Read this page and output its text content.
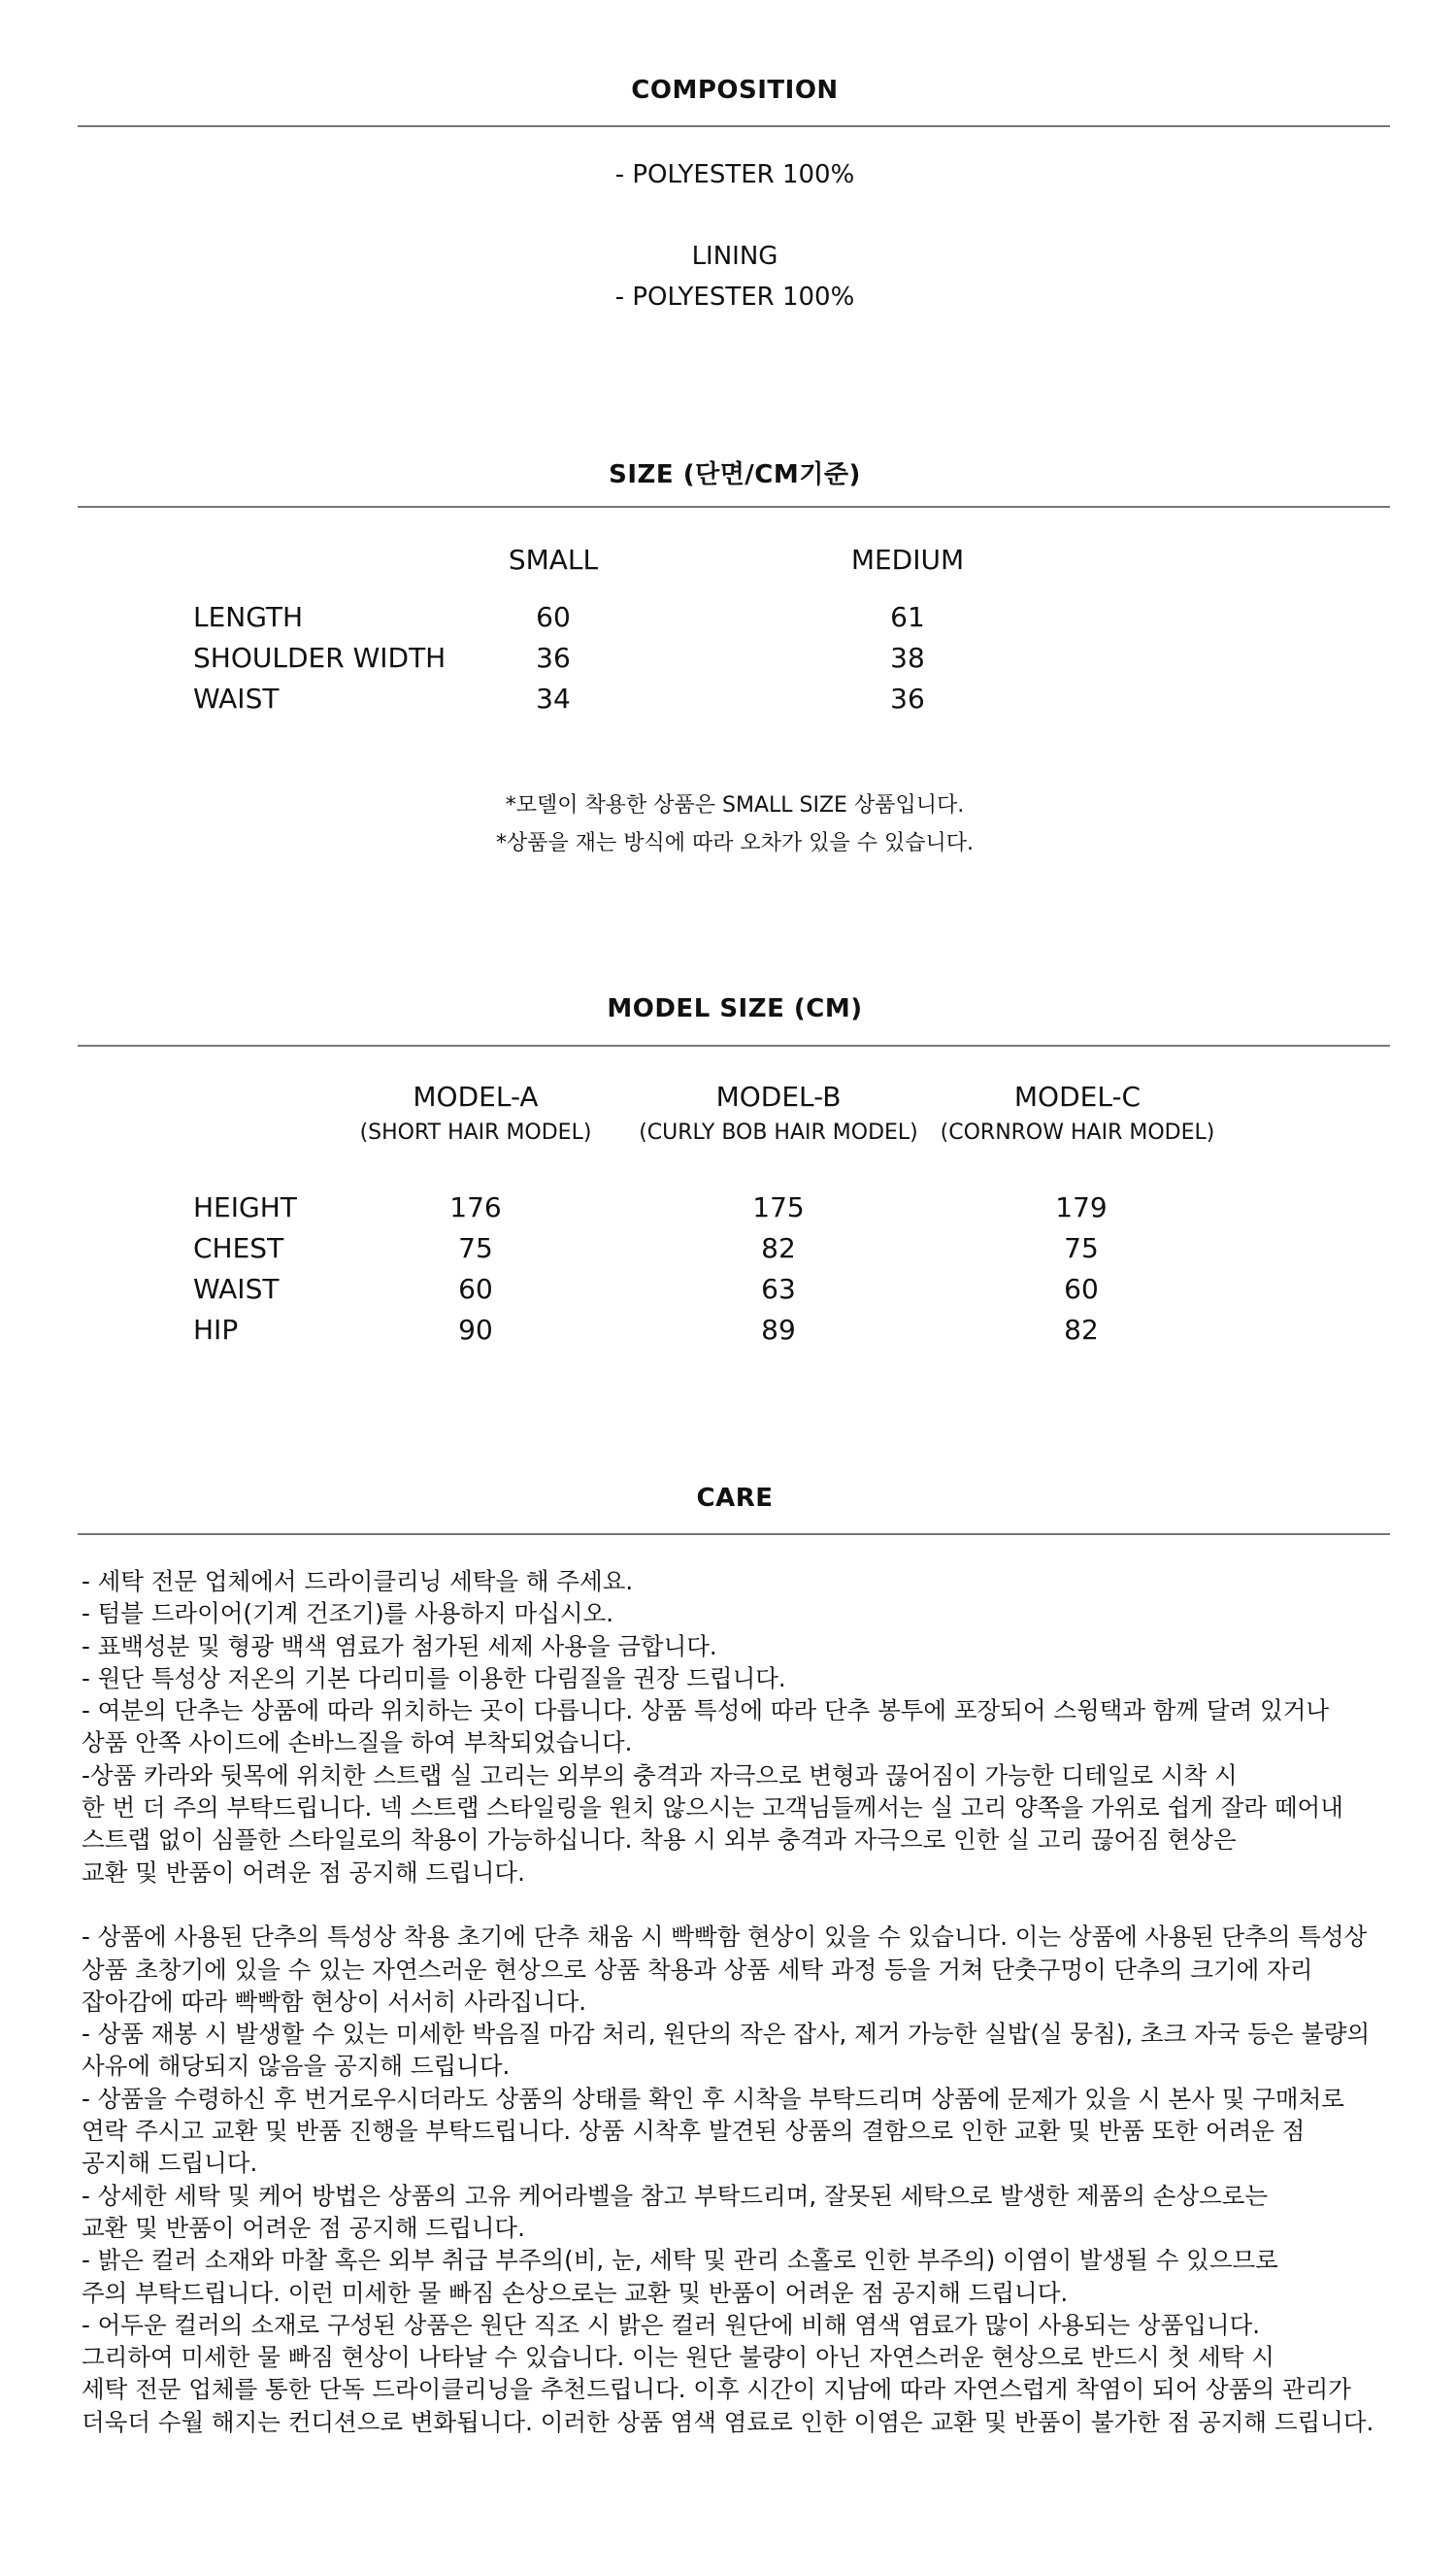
COMPOSITION
- POLYESTER 100%
LINING
- POLYESTER 100%
SIZE (단면/CM기준)
SMALL	MEDIUM
LENGTH	60	61
SHOULDER WIDTH	36	38
WAIST	34	36
*모델이 착용한 상품은 SMALL SIZE 상품입니다.
*상품을 재는 방식에 따라 오차가 있을 수 있습니다.
MODEL SIZE (CM)
MODEL-A
(SHORT HAIR MODEL)
MODEL-B
(CURLY BOB HAIR MODEL)
MODEL-C
(CORNROW HAIR MODEL)
HEIGHT	176	175	179
CHEST	75	82	75
WAIST	60	63	60
HIP	90	89	82
CARE
- 세탁 전문 업체에서 드라이클리닝 세탁을 해 주세요.
- 텀블 드라이어(기계 건조기)를 사용하지 마십시오.
- 표백성분 및 형광 백색 염료가 첨가된 세제 사용을 금합니다.
- 원단 특성상 저온의 기본 다리미를 이용한 다림질을 권장 드립니다.
- 여분의 단추는 상품에 따라 위치하는 곳이 다릅니다. 상품 특성에 따라 단추 봉투에 포장되어 스윙택과 함께 달려 있거나
상품 안쪽 사이드에 손바느질을 하여 부착되었습니다.
-상품 카라와 뒷목에 위치한 스트랩 실 고리는 외부의 충격과 자극으로 변형과 끊어짐이 가능한 디테일로 시착 시
한 번 더 주의 부탁드립니다. 넥 스트랩 스타일링을 원치 않으시는 고객님들께서는 실 고리 양쪽을 가위로 쉽게 잘라 떼어내
스트랩 없이 심플한 스타일로의 착용이 가능하십니다. 착용 시 외부 충격과 자극으로 인한 실 고리 끊어짐 현상은
교환 및 반품이 어려운 점 공지해 드립니다.
- 상품에 사용된 단추의 특성상 착용 초기에 단추 채움 시 빡빡함 현상이 있을 수 있습니다. 이는 상품에 사용된 단추의 특성상
상품 초창기에 있을 수 있는 자연스러운 현상으로 상품 착용과 상품 세탁 과정 등을 거쳐 단춧구멍이 단추의 크기에 자리
잡아감에 따라 빡빡함 현상이 서서히 사라집니다.
- 상품 재봉 시 발생할 수 있는 미세한 박음질 마감 처리, 원단의 작은 잡사, 제거 가능한 실밥(실 뭉침), 초크 자국 등은 불량의
사유에 해당되지 않음을 공지해 드립니다.
- 상품을 수령하신 후 번거로우시더라도 상품의 상태를 확인 후 시착을 부탁드리며 상품에 문제가 있을 시 본사 및 구매처로
연락 주시고 교환 및 반품 진행을 부탁드립니다. 상품 시착후 발견된 상품의 결함으로 인한 교환 및 반품 또한 어려운 점
공지해 드립니다.
- 상세한 세탁 및 케어 방법은 상품의 고유 케어라벨을 참고 부탁드리며, 잘못된 세탁으로 발생한 제품의 손상으로는
교환 및 반품이 어려운 점 공지해 드립니다.
- 밝은 컬러 소재와 마찰 혹은 외부 취급 부주의(비, 눈, 세탁 및 관리 소홀로 인한 부주의) 이염이 발생될 수 있으므로
주의 부탁드립니다. 이런 미세한 물 빠짐 손상으로는 교환 및 반품이 어려운 점 공지해 드립니다.
- 어두운 컬러의 소재로 구성된 상품은 원단 직조 시 밝은 컬러 원단에 비해 염색 염료가 많이 사용되는 상품입니다.
그리하여 미세한 물 빠짐 현상이 나타날 수 있습니다. 이는 원단 불량이 아닌 자연스러운 현상으로 반드시 첫 세탁 시
세탁 전문 업체를 통한 단독 드라이클리닝을 추천드립니다. 이후 시간이 지남에 따라 자연스럽게 착염이 되어 상품의 관리가
더욱더 수월 해지는 컨디션으로 변화됩니다. 이러한 상품 염색 염료로 인한 이염은 교환 및 반품이 불가한 점 공지해 드립니다.
